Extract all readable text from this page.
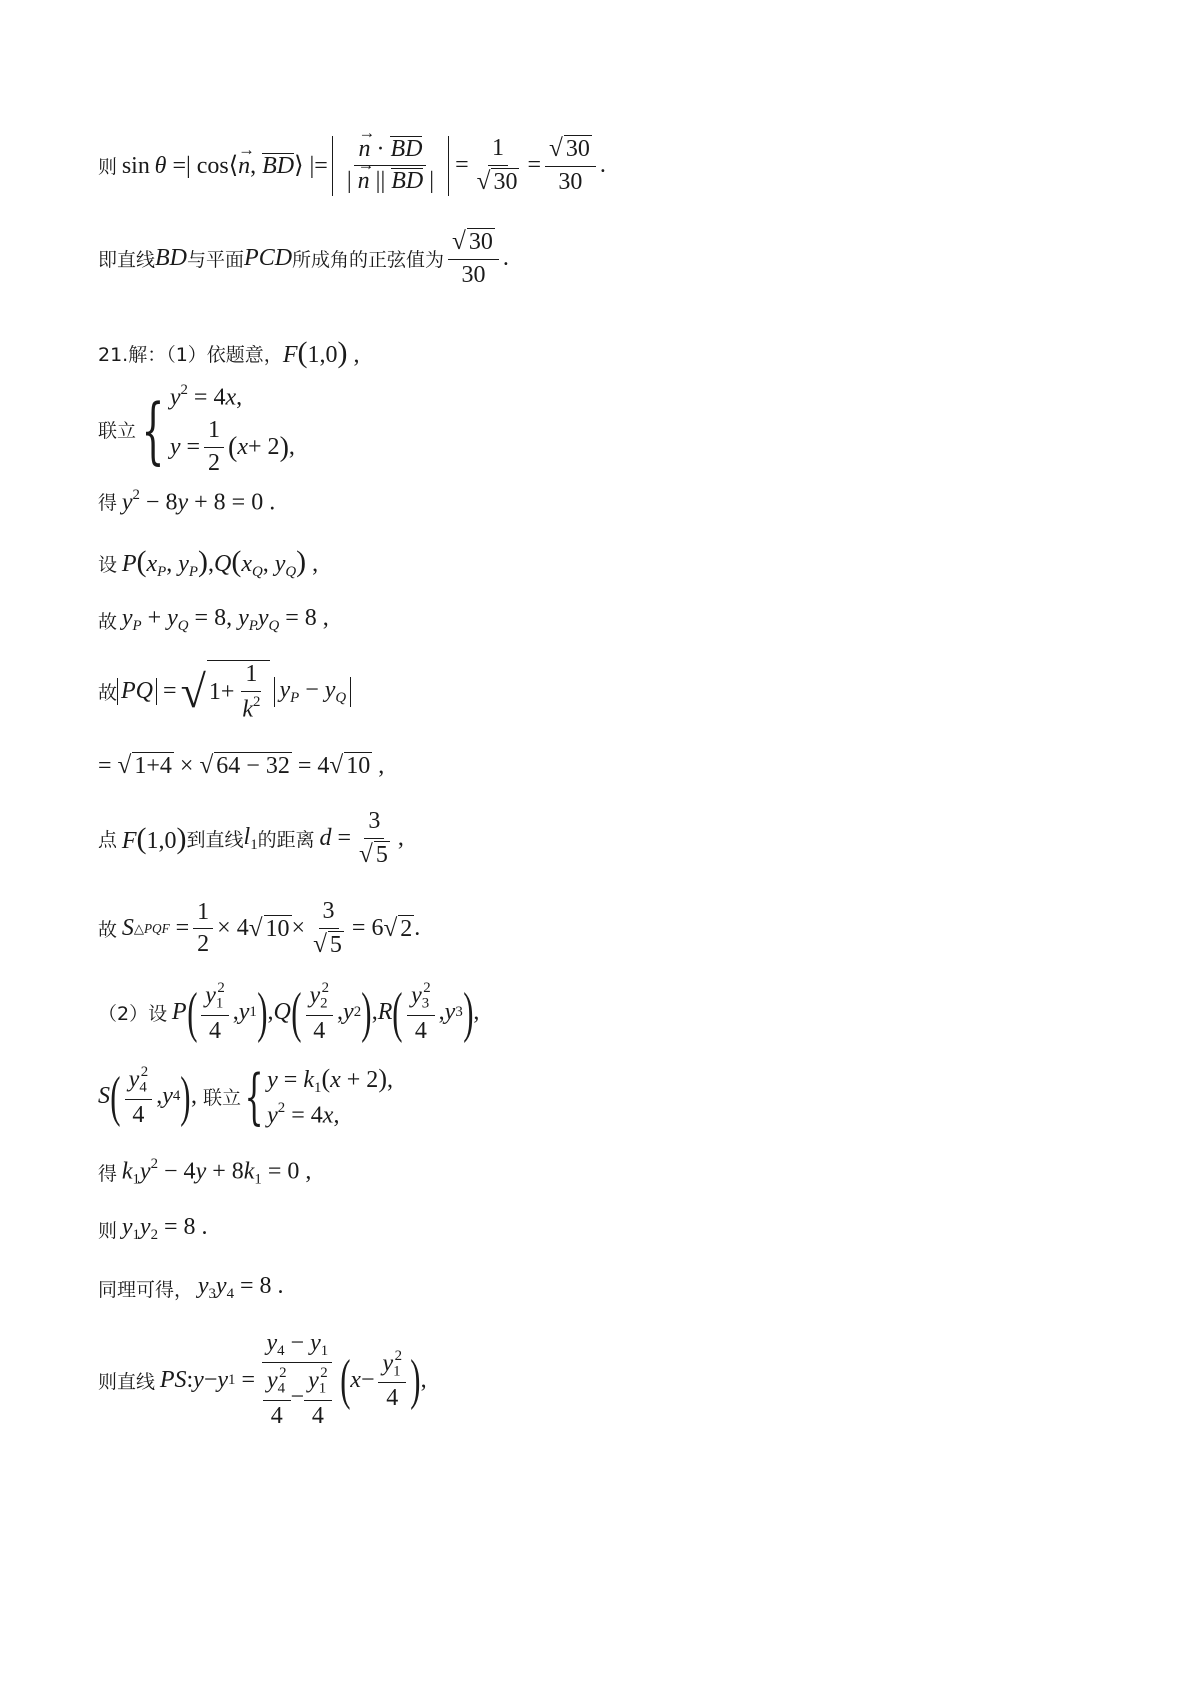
则  sin θ =| cos⟨→ n, BD⟩ |=
→ $\frac{n \cdot BD}{| \to n || BD |} = \frac{1}{√ 30} = \frac{√ 30}{30}$ .
即直线 BD 与平面 PCD 所成角的正弦值为 $\frac{√ 30}{30}$ .
21.解：（1）依题意， F(1,0) ,
联立 { $y^2 = 4x$,
$y = \frac{1}{2}$ ( x + 2 ) ,
得
  $y^2 - 8y + 8 = 0$ .
设
  $P(x_P$, $y_P),Q(x_Q$, $y_Q$) ,
故
  $y_P + y_Q = 8$, $y_Py_Q = 8$ ,
故 PQ = √ $1+ \frac{1}{k^2} y_P - y_Q$
= √ 1+4 × √ 64 − 32 = 4√ 10 ,
点
  F(1,0) 到直线 $l_1$ 的距离
  $d = \frac{3}{√ 5}$ ,
故
  S △PQF = $\frac{1}{2} \times 4$ √ $10 \times \frac{3}{√ 5} = 6$ √ 2 .
（2）设
  P ( $\frac{y_1^2}{4}$ , y 1 ) , Q ( $\frac{y_2^2}{4}$ , y 2 ) , R ( $\frac{y_3^2}{4}$ , y 3 ) ,
S ( $\frac{y_4^2}{4}$ , y 4 ) , 联立 { $y = k_1(x + 2)$,
$y^2 = 4x$,
得
  $k_1y^2 - 4y + 8k_1 = 0$ ,
则
  $y_1y_2 = 8$ .
同理可得，
  $y_3y_4 = 8$ .
则直线
  PS : y − y $1 = \frac{y_4 - y_1}{\frac{y_4^2}{4} - \frac{y_1^2}{4}}$ ( $x - \frac{y_1^2}{4}$ ) ,
